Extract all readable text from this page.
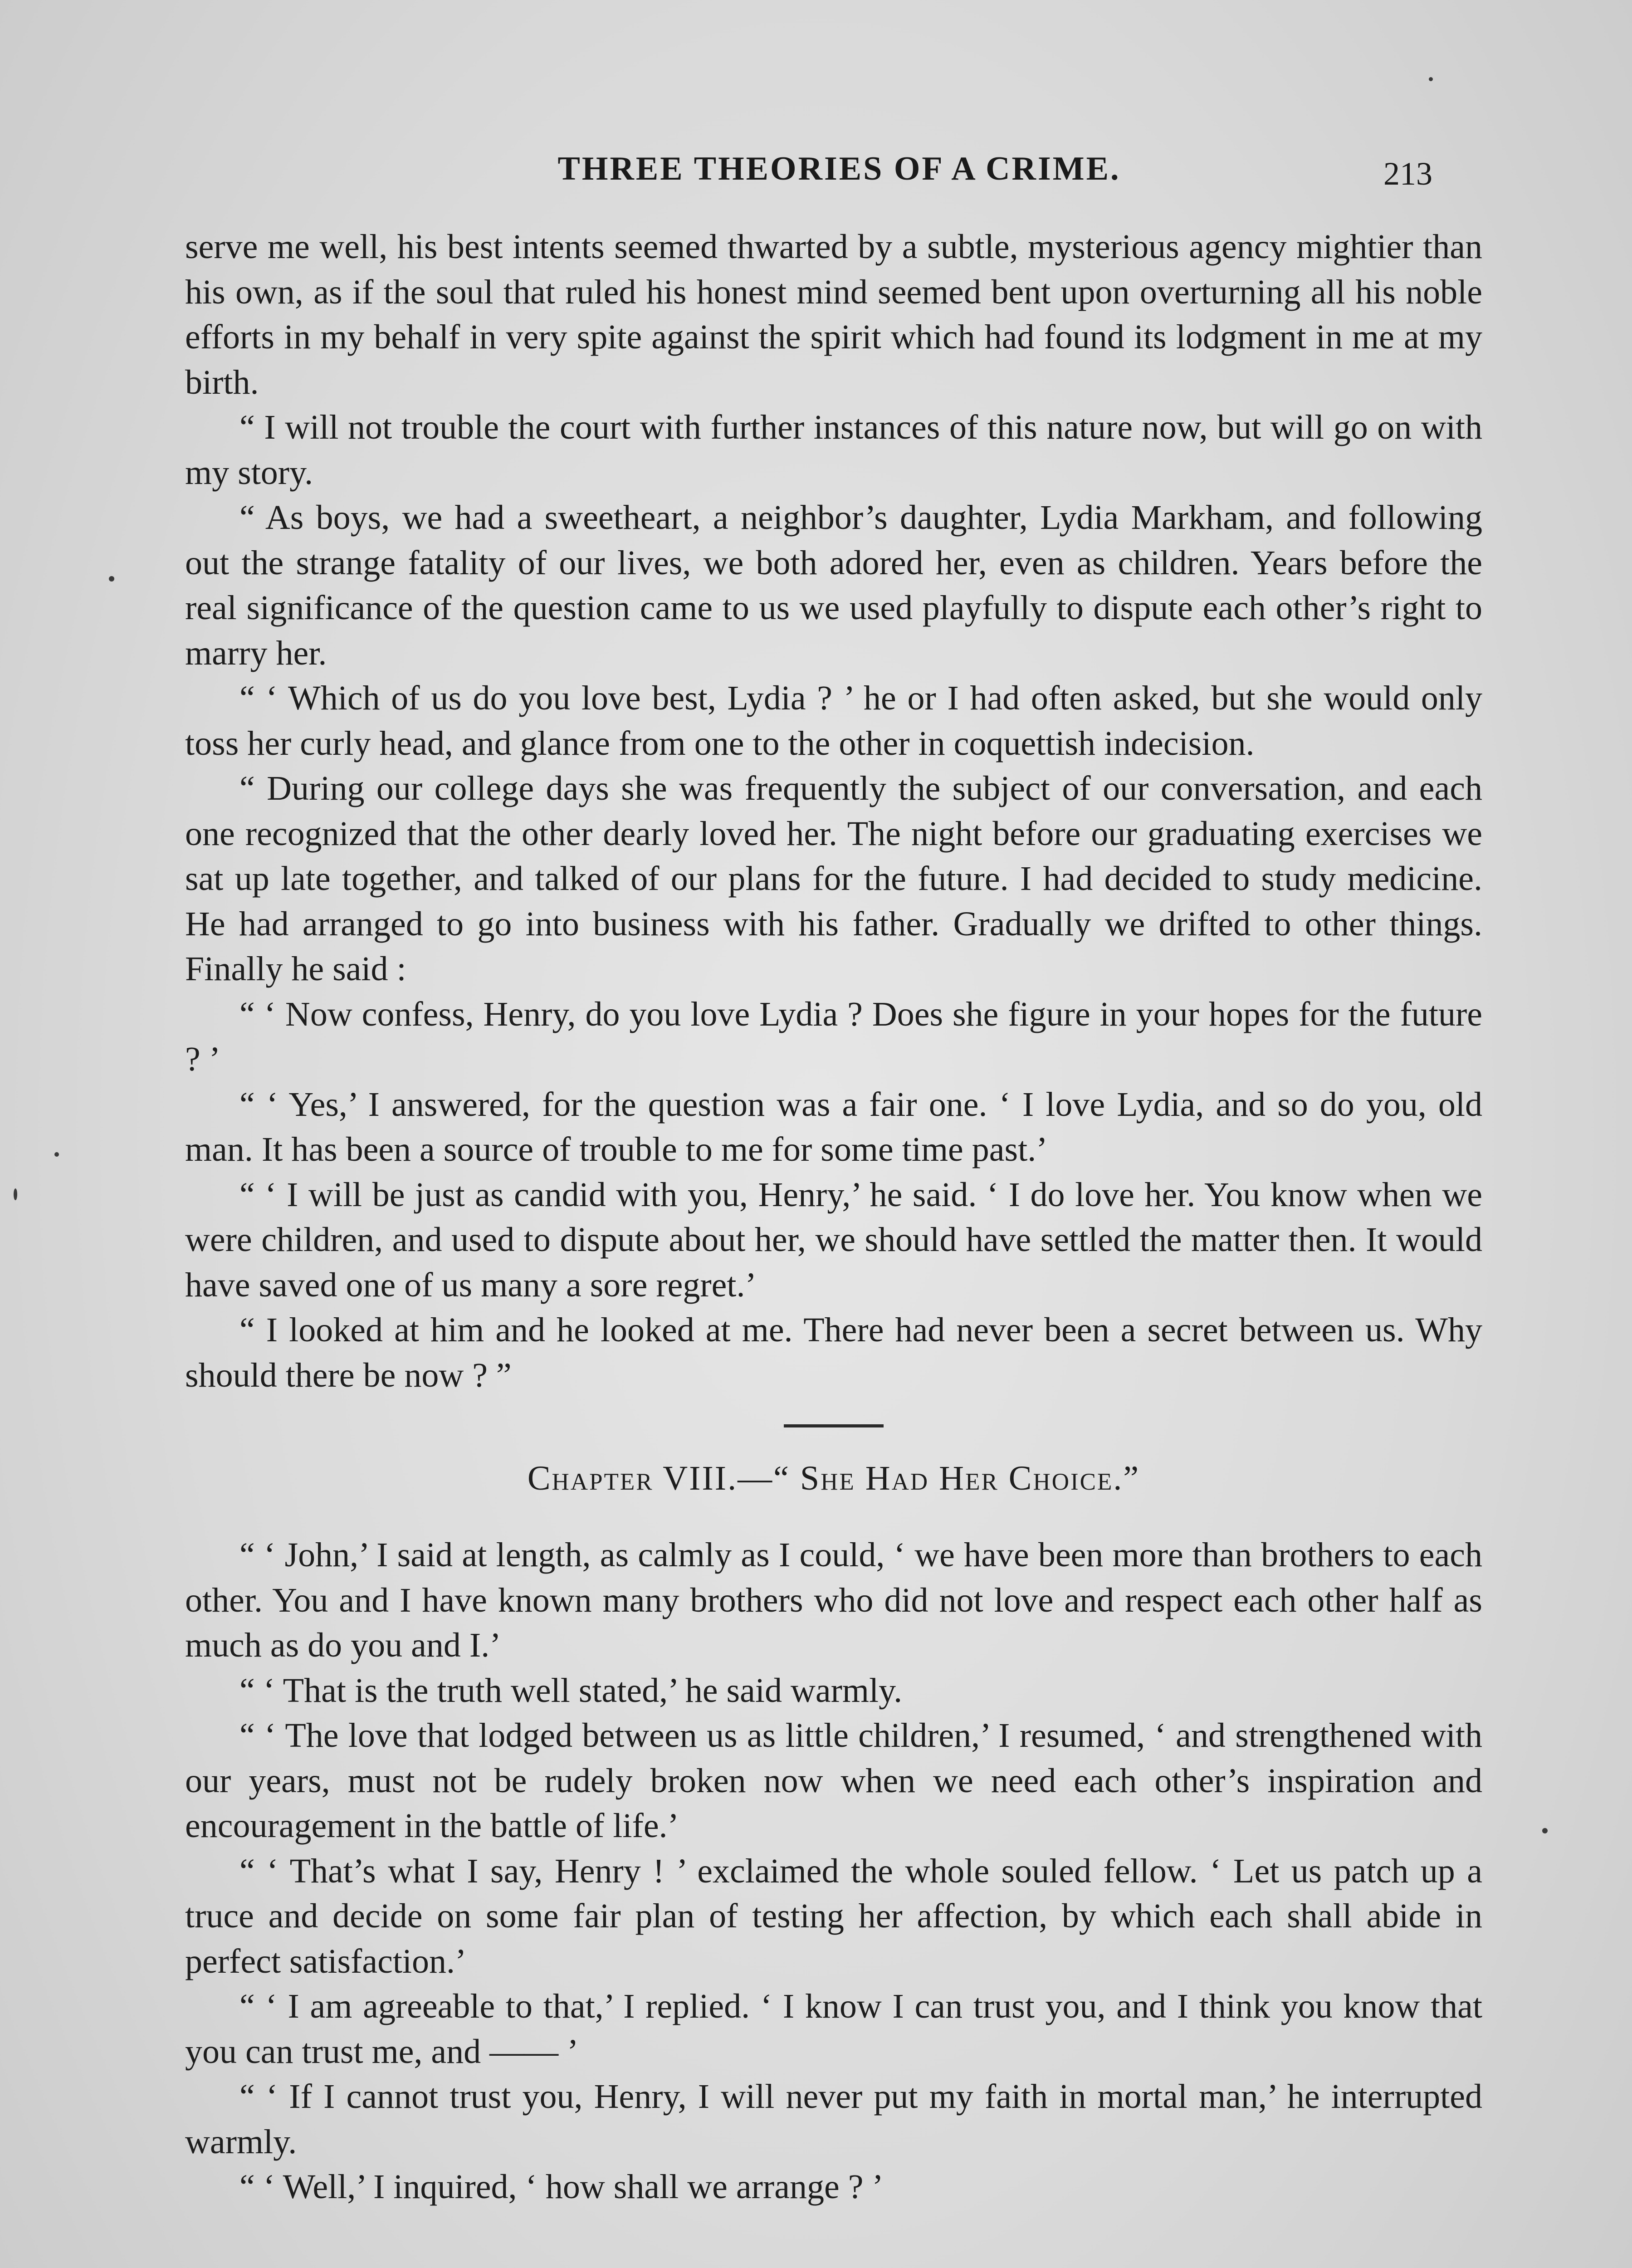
THREE THEORIES OF A CRIME.	213

serve me well, his best intents seemed thwarted by a subtle, mysterious agency mightier than his own, as if the soul that ruled his honest mind seemed bent upon overturning all his noble efforts in my behalf in very spite against the spirit which had found its lodgment in me at my birth.

“ I will not trouble the court with further instances of this nature now, but will go on with my story.

“ As boys, we had a sweetheart, a neighbor’s daughter, Lydia Markham, and following out the strange fatality of our lives, we both adored her, even as children. Years before the real significance of the question came to us we used playfully to dispute each other’s right to marry her.

“ ‘ Which of us do you love best, Lydia ? ’ he or I had often asked, but she would only toss her curly head, and glance from one to the other in coquettish indecision.

“ During our college days she was frequently the subject of our conversation, and each one recognized that the other dearly loved her. The night before our graduating exercises we sat up late together, and talked of our plans for the future. I had decided to study medicine. He had arranged to go into business with his father. Gradually we drifted to other things. Finally he said :

“ ‘ Now confess, Henry, do you love Lydia ? Does she figure in your hopes for the future ? ’

“ ‘ Yes,’ I answered, for the question was a fair one. ‘ I love Lydia, and so do you, old man. It has been a source of trouble to me for some time past.’

“ ‘ I will be just as candid with you, Henry,’ he said. ‘ I do love her. You know when we were children, and used to dispute about her, we should have settled the matter then. It would have saved one of us many a sore regret.’

“ I looked at him and he looked at me. There had never been a secret between us. Why should there be now ? ”

Chapter VIII.—“ She Had Her Choice.”

“ ‘ John,’ I said at length, as calmly as I could, ‘ we have been more than brothers to each other. You and I have known many brothers who did not love and respect each other half as much as do you and I.’

“ ‘ That is the truth well stated,’ he said warmly.

“ ‘ The love that lodged between us as little children,’ I resumed, ‘ and strengthened with our years, must not be rudely broken now when we need each other’s inspiration and encouragement in the battle of life.’

“ ‘ That’s what I say, Henry ! ’ exclaimed the whole souled fellow. ‘ Let us patch up a truce and decide on some fair plan of testing her affection, by which each shall abide in perfect satisfaction.’

“ ‘ I am agreeable to that,’ I replied. ‘ I know I can trust you, and I think you know that you can trust me, and —— ’

“ ‘ If I cannot trust you, Henry, I will never put my faith in mortal man,’ he interrupted warmly.

“ ‘ Well,’ I inquired, ‘ how shall we arrange ? ’
